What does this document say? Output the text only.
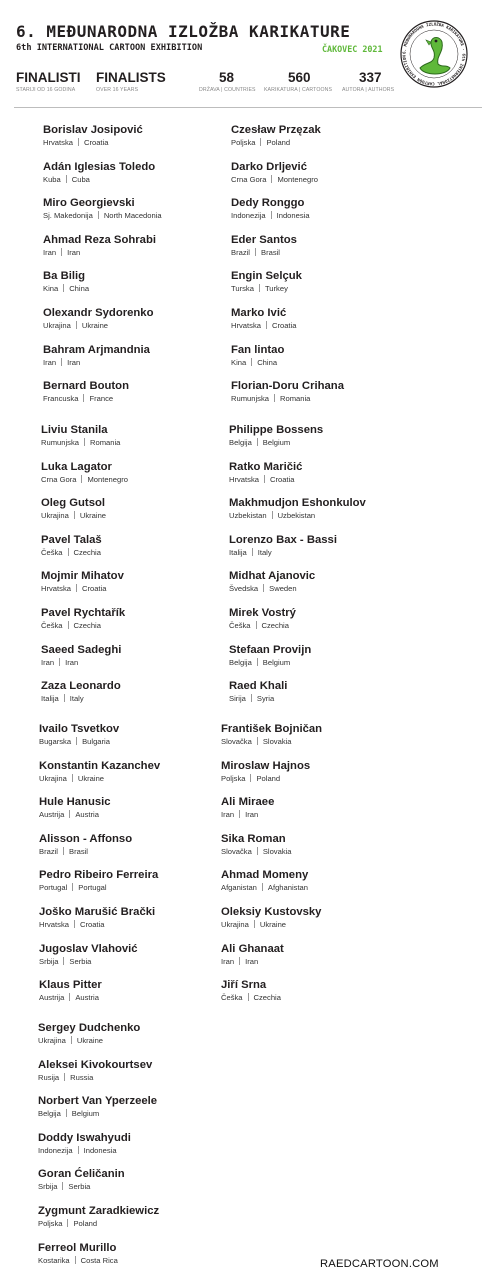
6. MEĐUNARODNA IZLOŽBA KARIKATURE
6th INTERNATIONAL CARTOON EXHIBITION	ČAKOVEC 2021	6. MEĐUNARODNA IZLOŽBA KARIKATURE · 6th INTERNATIONAL CARTOON EXHIBITION
FINALISTI
STARIJI OD 16 GODINA
FINALISTS
OVER 16 YEARS
58
DRŽAVA | COUNTRIES
560
KARIKATURA | CARTOONS
337
AUTORA | AUTHORS
Borislav Josipović
Hrvatska Croatia
Czesław Przęzak
Poljska Poland
Adán Iglesias Toledo
Kuba Cuba
Darko Drljević
Crna Gora Montenegro
Miro Georgievski
Sj. Makedonija North Macedonia
Dedy Ronggo
Indonezija Indonesia
Ahmad Reza Sohrabi
Iran Iran
Eder Santos
Brazil Brasil
Ba Bilig
Kina China
Engin Selçuk
Turska Turkey
Olexandr Sydorenko
Ukrajina Ukraine
Marko Ivić
Hrvatska Croatia
Bahram Arjmandnia
Iran Iran
Fan lintao
Kina China
Bernard Bouton
Francuska France
Florian-Doru Crihana
Rumunjska Romania
Liviu Stanila
Rumunjska Romania
Philippe Bossens
Belgija Belgium
Luka Lagator
Crna Gora Montenegro
Ratko Maričić
Hrvatska Croatia
Oleg Gutsol
Ukrajina Ukraine
Makhmudjon Eshonkulov
Uzbekistan Uzbekistan
Pavel Talaš
Češka Czechia
Lorenzo Bax - Bassi
Italija Italy
Mojmir Mihatov
Hrvatska Croatia
Midhat Ajanovic
Švedska Sweden
Pavel Rychtařík
Češka Czechia
Mirek Vostrý
Češka Czechia
Saeed Sadeghi
Iran Iran
Stefaan Provijn
Belgija Belgium
Zaza Leonardo
Italija Italy
Raed Khali
Sirija Syria
Ivailo Tsvetkov
Bugarska Bulgaria
František Bojničan
Slovačka Slovakia
Konstantin Kazanchev
Ukrajina Ukraine
Miroslaw Hajnos
Poljska Poland
Hule Hanusic
Austrija Austria
Ali Miraee
Iran Iran
Alisson - Affonso
Brazil Brasil
Sika Roman
Slovačka Slovakia
Pedro Ribeiro Ferreira
Portugal Portugal
Ahmad Momeny
Afganistan Afghanistan
Joško Marušić Brački
Hrvatska Croatia
Oleksiy Kustovsky
Ukrajina Ukraine
Jugoslav Vlahović
Srbija Serbia
Ali Ghanaat
Iran Iran
Klaus Pitter
Austrija Austria
Jiří Srna
Češka Czechia
Sergey Dudchenko
Ukrajina Ukraine
Aleksei Kivokourtsev
Rusija Russia
Norbert Van Yperzeele
Belgija Belgium
Doddy Iswahyudi
Indonezija Indonesia
Goran Ćeličanin
Srbija Serbia
Zygmunt Zaradkiewicz
Poljska Poland
Ferreol Murillo
Kostarika Costa Rica	RAEDCARTOON.COM
